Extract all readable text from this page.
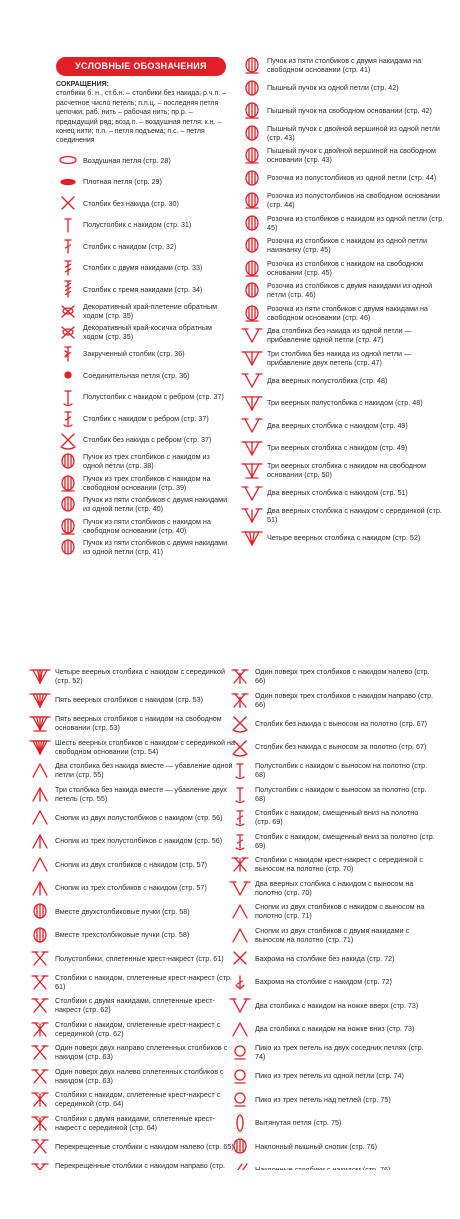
УСЛОВНЫЕ ОБОЗНАЧЕНИЯ ПЕТЕЛЬ
СОКРАЩЕНИЯ:
столбики б. н., ст.б.н. – столбики без накида; р.ч.п. – расчетное число петель; п.п.ц. – последняя петля цепочки; раб. нить – рабочая нить; пр.р. – предыдущий ряд; возд.п. – воздушная петля; к.н. – конец нити; п.п. – петля подъема; п.с. – петля соединения
Воздушная петля (стр. 28)
Плотная петля (стр. 29)
Столбик без накида (стр. 30)
Полустолбик с накидом (стр. 31)
Столбик с накидом (стр. 32)
Столбик с двумя накидами (стр. 33)
Столбик с тремя накидами (стр. 34)
Декоративный край-плетение обратным ходом (стр. 35)
Декоративный край-косичка обратным ходом (стр. 35)
Закрученный столбик (стр. 36)
Соединительная петля (стр. 36)
Полустолбик с накидом с ребром (стр. 37)
Столбик с накидом с ребром (стр. 37)
Столбик без накида с ребром (стр. 37)
Пучок из трех столбиков с накидом из одной петли (стр. 38)
Пучок из трех столбиков с накидом на свободном основании (стр. 39)
Пучок из пяти столбиков с двумя накидами из одной петли (стр. 40)
Пучок из пяти столбиков с накидом на свободном основании (стр. 40)
Пучок из пяти столбиков с двумя накидами из одной петли (стр. 41)
Пучок из пяти столбиков с двумя накидами на свободном основании (стр. 41)
Пышный пучок из одной петли (стр. 42)
Пышный пучок на свободном основании (стр. 42)
Пышный пучок с двойной вершиной из одной петли (стр. 43)
Пышный пучок с двойной вершиной на свободном основании (стр. 43)
Розочка из полустолбиков из одной петли (стр. 44)
Розочка из полустолбиков на свободном основании (стр. 44)
Розочка из столбиков с накидом из одной петли (стр. 45)
Розочка из столбиков с накидом из одной петли наизнанку (стр. 45)
Розочка из столбиков с накидом на свободном основании (стр. 45)
Розочка из столбиков с двумя накидами из одной петли (стр. 46)
Розочка из пяти столбиков с двумя накидами на свободном основании (стр. 46)
Два столбика без накида из одной петли — прибавление одной петли (стр. 47)
Три столбика без накида из одной петли — прибавление двух петель (стр. 47)
Два веерных полустолбика (стр. 48)
Три веерных полустолбика с накидом (стр. 48)
Два веерных столбика с накидом (стр. 49)
Три веерных столбика с накидом (стр. 49)
Три веерных столбика с накидом на свободном основании (стр. 50)
Два веерных столбика с накидом (стр. 51)
Два веерных столбика с накидом с серединкой (стр. 51)
Четыре веерных столбика с накидом (стр. 52)
Четыре веерных столбика с накидом с серединкой (стр. 52)
Пять веерных столбиков с накидом (стр. 53)
Пять веерных столбиков с накидом на свободном основании (стр. 53)
Шесть веерных столбиков с накидом с серединкой на свободном основании (стр. 54)
Два столбика без накида вместе — убавление одной петли (стр. 55)
Три столбика без накида вместе — убавление двух петель (стр. 55)
Снопик из двух полустолбиков с накидом (стр. 56)
Снопик из трех полустолбиков с накидом (стр. 56)
Снопик из двух столбиков с накидом (стр. 57)
Снопик из трех столбиков с накидом (стр. 57)
Вместе двухстолбиковые пучки (стр. 58)
Вместе трехстолбиковые пучки (стр. 58)
Полустолбики, сплетенные крест-накрест (стр. 61)
Столбики с накидом, сплетенные крест-накрест (стр. 61)
Столбики с двумя накидами, сплетенные крест-накрест (стр. 62)
Столбики с накидом, сплетенные крест-накрест с серединкой (стр. 62)
Один поверх двух направо сплетенных столбиков с накидом (стр. 63)
Один поверх двух налево сплетенных столбиков с накидом (стр. 63)
Столбики с накидом, сплетенные крест-накрест с серединкой (стр. 64)
Столбики с двумя накидами, сплетенные крест-накрест с серединкой (стр. 64)
Перекрещенные столбики с накидом налево (стр. 65)
Перекрещенные столбики с накидом направо (стр.
Один поверх трех столбиков с накидом налево (стр. 66)
Один поверх трех столбиков с накидом направо (стр. 66)
Столбик без накида с выносом на полотно (стр. 67)
Столбик без накида с выносом за полотно (стр. 67)
Полустолбик с накидом с выносом на полотно (стр. 68)
Полустолбик с накидом с выносом за полотно (стр. 68)
Столбик с накидом, смещенный вниз на полотно (стр. 69)
Столбик с накидом, смещенный вниз за полотно (стр. 69)
Столбики с накидом крест-накрест с серединкой с выносом на полотно (стр. 70)
Два веерных столбика с накидом с выносом на полотно (стр. 70)
Снопик из двух столбиков с накидом с выносом на полотно (стр. 71)
Снопик из двух столбиков с двумя накидами с выносом на полотно (стр. 71)
Бахрома на столбике без накида (стр. 72)
Бахрома на столбике с накидом (стр. 72)
Два столбика с накидом на ножке вверх (стр. 73)
Два столбика с накидом на ножке вниз (стр. 73)
Пико из трех петель на двух соседних петлях (стр. 74)
Пико из трех петель из одной петли (стр. 74)
Пико из трех петель над петлей (стр. 75)
Вытянутая петля (стр. 75)
Наклонный пышный снопик (стр. 76)
